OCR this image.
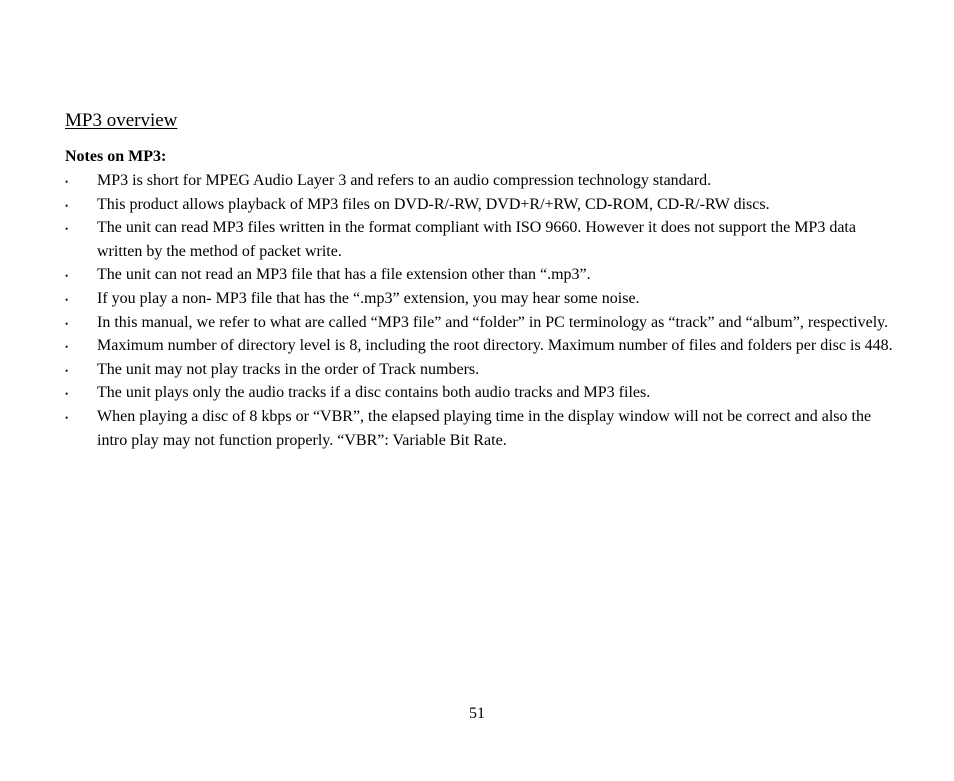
MP3 overview

Notes on MP3:

•	MP3 is short for MPEG Audio Layer 3 and refers to an audio compression technology standard.
•	This product allows playback of MP3 files on DVD-R/-RW, DVD+R/+RW, CD-ROM, CD-R/-RW discs.
•	The unit can read MP3 files written in the format compliant with ISO 9660. However it does not support the MP3 data written by the method of packet write.
•	The unit can not read an MP3 file that has a file extension other than “.mp3”.
•	If you play a non- MP3 file that has the “.mp3” extension, you may hear some noise.
•	In this manual, we refer to what are called “MP3 file” and “folder” in PC terminology as “track” and “album”, respectively.
•	Maximum number of directory level is 8, including the root directory. Maximum number of files and folders per disc is 448.
•	The unit may not play tracks in the order of Track numbers.
•	The unit plays only the audio tracks if a disc contains both audio tracks and MP3 files.
•	When playing a disc of 8 kbps or “VBR”, the elapsed playing time in the display window will not be correct and also the intro play may not function properly. “VBR”: Variable Bit Rate.

51
